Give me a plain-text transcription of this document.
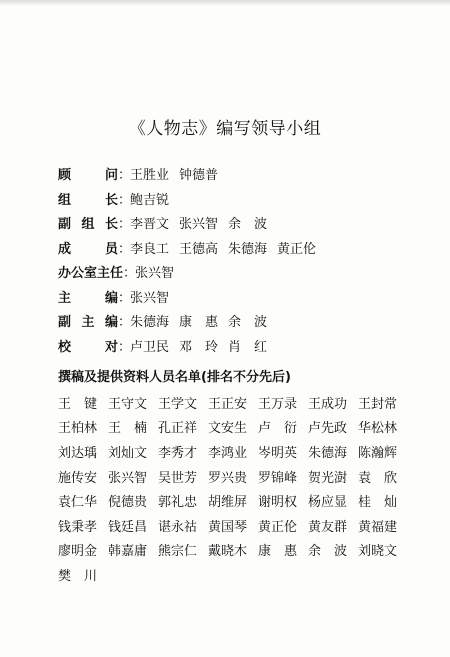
《人物志》编写领导小组
顾	问 ：
王胜业 钟德普
组	长 ：
鲍吉锐
副 组 长 ：
李晋文 张兴智 余　波
成	员 ：
李良工 王德高 朱德海 黄正伦
办公室主任 ：
张兴智
主	编 ：
张兴智
副 主 编 ：
朱德海 康　惠 余　波
校	对 ：
卢卫民 邓　玲 肖　红
撰稿及提供资料人员名单(排名不分先后)
王　键 王守文 王学文 王正安 王万录 王成功 王封常
王柏林 王　楠 孔正祥 文安生 卢　衍 卢先政 华松林
刘达瑀 刘灿文 李秀才 李鸿业 岑明英 朱德海 陈瀚辉
施传安 张兴智 吴世芳 罗兴贵 罗锦峰 贺光澍 袁　欣
袁仁华 倪德贵 郭礼忠 胡维屏 谢明权 杨应显 桂　灿
钱秉孝 钱廷昌 谌永祜 黄国琴 黄正伦 黄友群 黄福建
廖明金 韩嘉庸 熊宗仁 戴晓木 康　惠 余　波 刘晓文
樊　川
